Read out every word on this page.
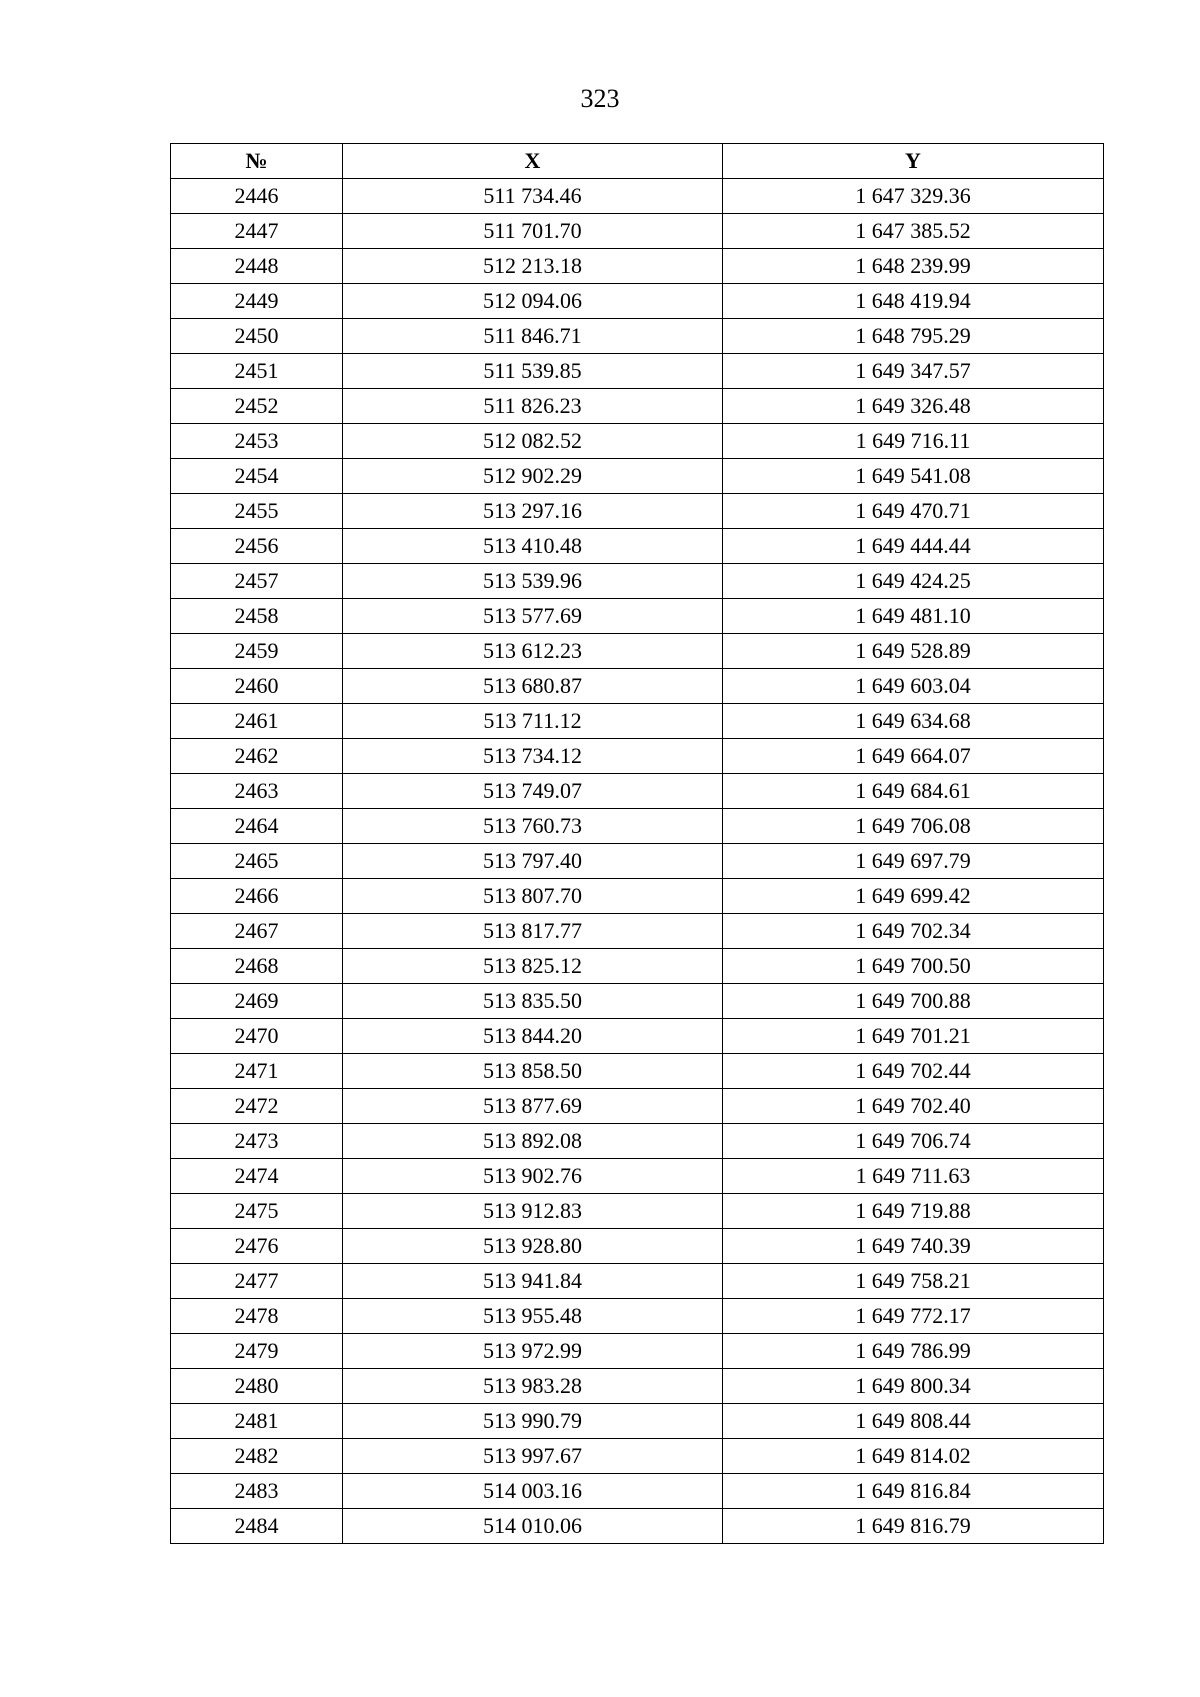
323
№	X	Y
2446	511 734.46	1 647 329.36
2447	511 701.70	1 647 385.52
2448	512 213.18	1 648 239.99
2449	512 094.06	1 648 419.94
2450	511 846.71	1 648 795.29
2451	511 539.85	1 649 347.57
2452	511 826.23	1 649 326.48
2453	512 082.52	1 649 716.11
2454	512 902.29	1 649 541.08
2455	513 297.16	1 649 470.71
2456	513 410.48	1 649 444.44
2457	513 539.96	1 649 424.25
2458	513 577.69	1 649 481.10
2459	513 612.23	1 649 528.89
2460	513 680.87	1 649 603.04
2461	513 711.12	1 649 634.68
2462	513 734.12	1 649 664.07
2463	513 749.07	1 649 684.61
2464	513 760.73	1 649 706.08
2465	513 797.40	1 649 697.79
2466	513 807.70	1 649 699.42
2467	513 817.77	1 649 702.34
2468	513 825.12	1 649 700.50
2469	513 835.50	1 649 700.88
2470	513 844.20	1 649 701.21
2471	513 858.50	1 649 702.44
2472	513 877.69	1 649 702.40
2473	513 892.08	1 649 706.74
2474	513 902.76	1 649 711.63
2475	513 912.83	1 649 719.88
2476	513 928.80	1 649 740.39
2477	513 941.84	1 649 758.21
2478	513 955.48	1 649 772.17
2479	513 972.99	1 649 786.99
2480	513 983.28	1 649 800.34
2481	513 990.79	1 649 808.44
2482	513 997.67	1 649 814.02
2483	514 003.16	1 649 816.84
2484	514 010.06	1 649 816.79
